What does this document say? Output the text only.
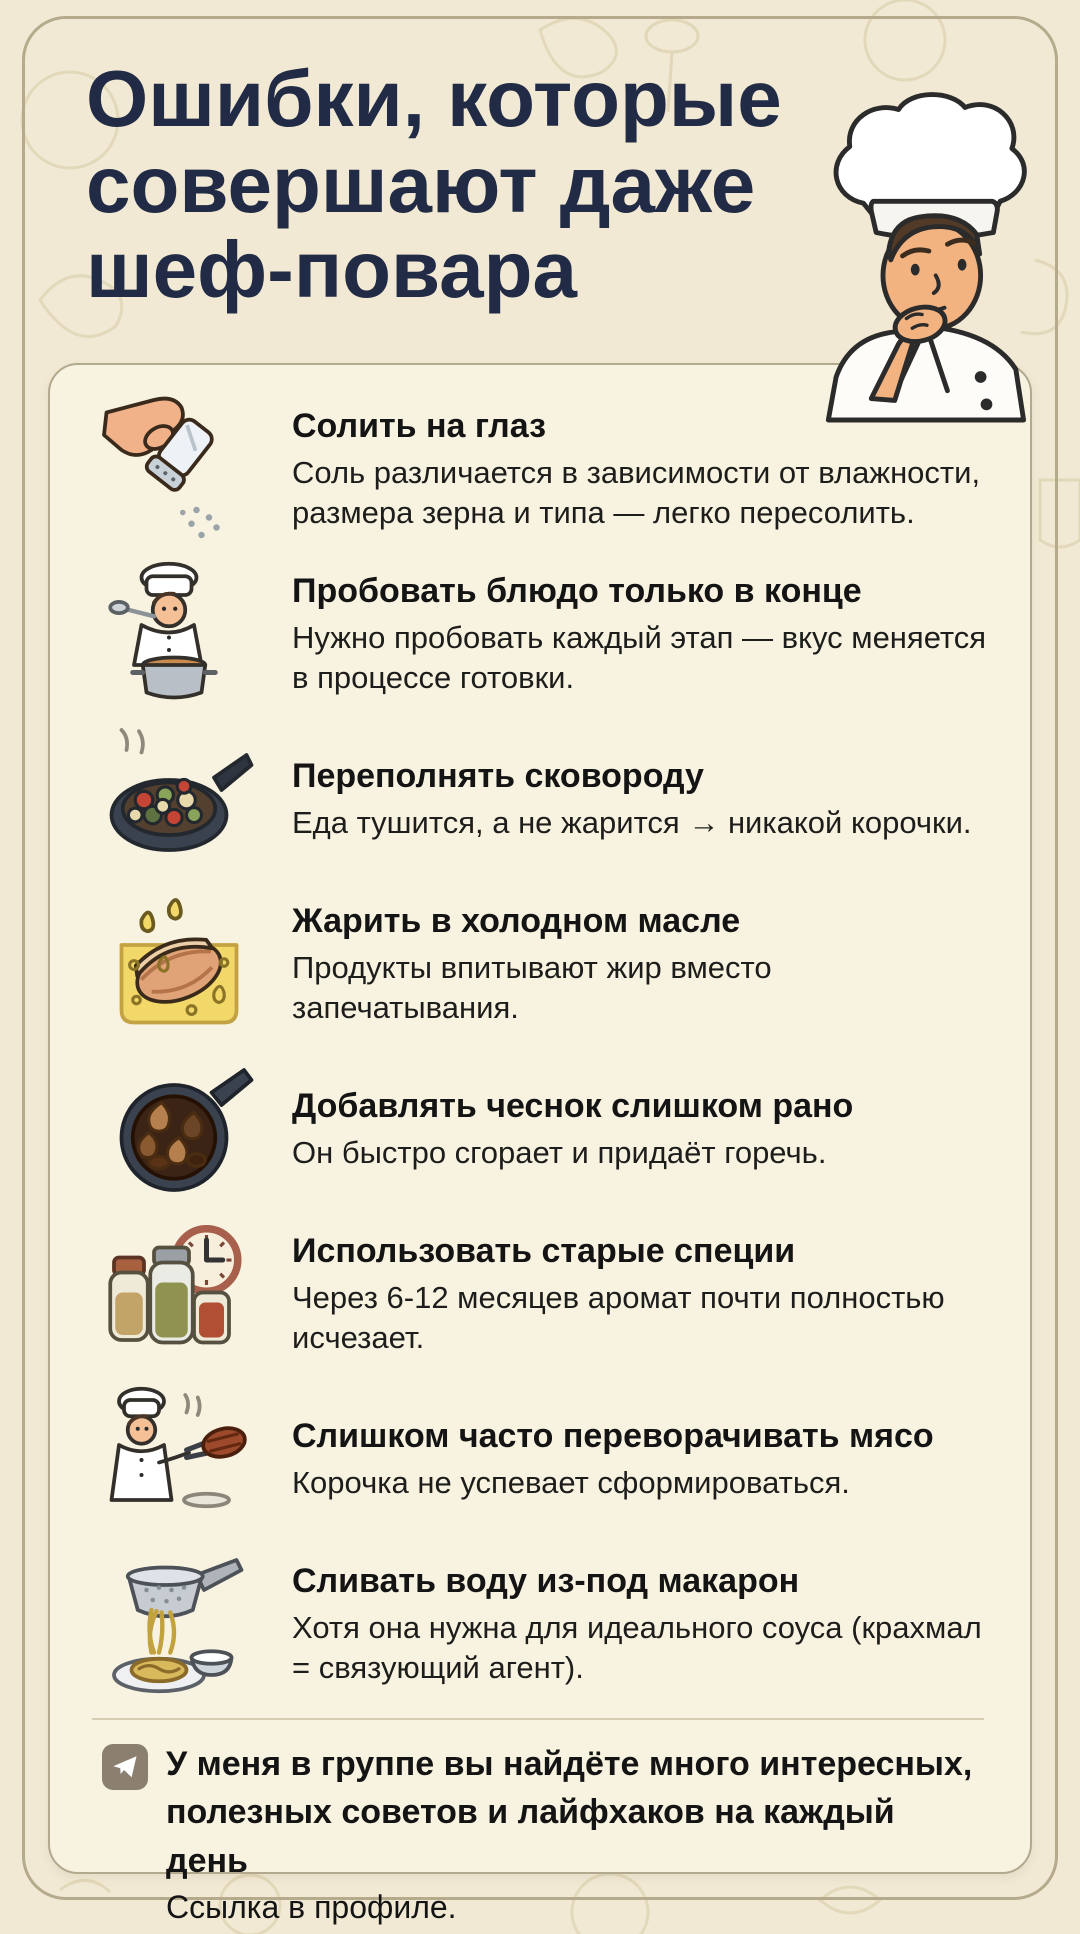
Ошибки, которые
совершают даже
шеф-повара

Солить на глаз

Соль различается в зависимости от влажности, размера зерна и типа — легко пересолить.

Пробовать блюдо только в конце

Нужно пробовать каждый этап — вкус меняется в процессе готовки.

Переполнять сковороду

Еда тушится, а не жарится → никакой корочки.

Жарить в холодном масле

Продукты впитывают жир вместо запечатывания.

Добавлять чеснок слишком рано

Он быстро сгорает и придаёт горечь.

Использовать старые специи

Через 6-12 месяцев аромат почти полностью исчезает.

Слишком часто переворачивать мясо

Корочка не успевает сформироваться.

Сливать воду из-под макарон

Хотя она нужна для идеального соуса (крахмал = связующий агент).

У меня в группе вы найдёте много интересных, полезных советов и лайфхаков на каждый день
Ссылка в профиле.
